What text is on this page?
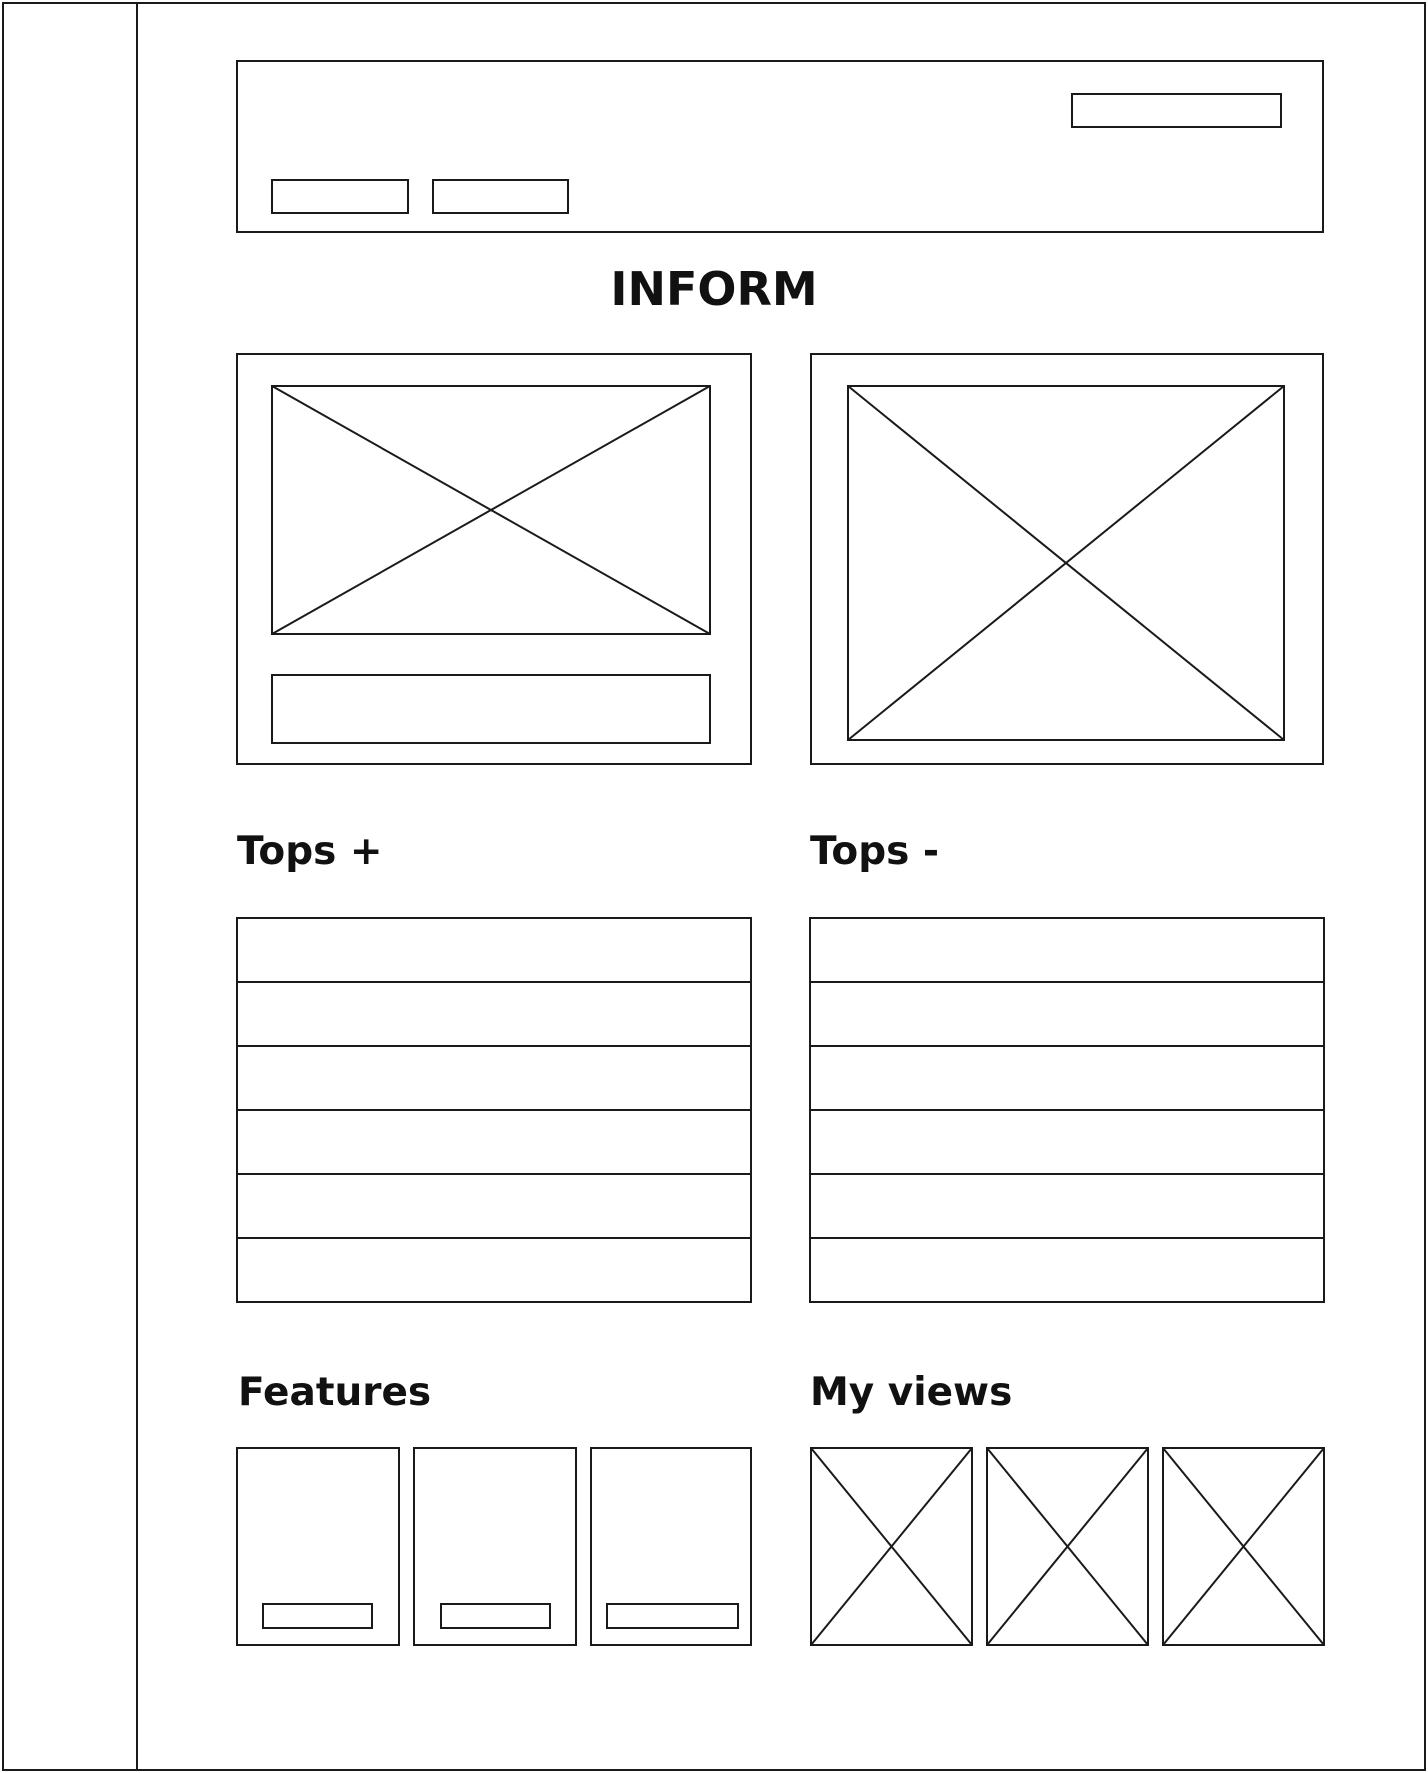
INFORM
Tops +	Tops -
Features	My views
